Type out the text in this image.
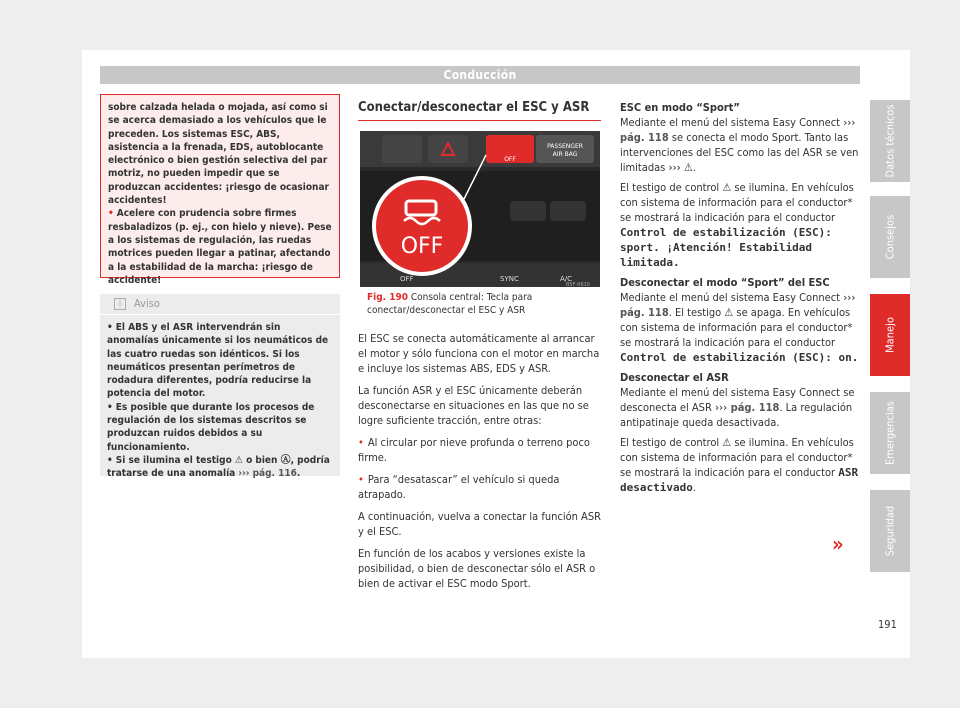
Conducción

sobre calzada helada o mojada, así como si se acerca demasiado a los vehículos que le preceden. Los sistemas ESC, ABS, asistencia a la frenada, EDS, autoblocante electrónico o bien gestión selectiva del par motriz, no pueden impedir que se produzcan accidentes: ¡riesgo de ocasionar accidentes!

• Acelere con prudencia sobre firmes resbaladizos (p. ej., con hielo y nieve). Pese a los sistemas de regulación, las ruedas motrices pueden llegar a patinar, afectando a la estabilidad de la marcha: ¡riesgo de accidente!

i Aviso

• El ABS y el ASR intervendrán sin anomalías únicamente si los neumáticos de las cuatro ruedas son idénticos. Si los neumáticos presentan perímetros de rodadura diferentes, podría reducirse la potencia del motor.

• Es posible que durante los procesos de regulación de los sistemas descritos se produzcan ruidos debidos a su funcionamiento.

• Si se ilumina el testigo ⚠ o bien Ⓐ, podría tratarse de una anomalía ››› pág. 116.

Conectar/desconectar el ESC y ASR
OFF
PASSENGER
AIR BAG
OFF	SYNC	A/C
B5F-0610
OFF
Fig. 190 Consola central: Tecla para conectar/desconectar el ESC y ASR

El ESC se conecta automáticamente al arrancar el motor y sólo funciona con el motor en marcha e incluye los sistemas ABS, EDS y ASR.

La función ASR y el ESC únicamente deberán desconectarse en situaciones en las que no se logre suficiente tracción, entre otras:

• Al circular por nieve profunda o terreno poco firme.

• Para “desatascar” el vehículo si queda atrapado.

A continuación, vuelva a conectar la función ASR y el ESC.

En función de los acabos y versiones existe la posibilidad, o bien de desconectar sólo el ASR o bien de activar el ESC modo Sport.

ESC en modo “Sport”

Mediante el menú del sistema Easy Connect ››› pág. 118 se conecta el modo Sport. Tanto las intervenciones del ESC como las del ASR se ven limitadas ››› ⚠.

El testigo de control ⚠ se ilumina. En vehículos con sistema de información para el conductor* se mostrará la indicación para el conductor Control de estabilización (ESC): sport. ¡Atención! Estabilidad limitada.

Desconectar el modo “Sport” del ESC

Mediante el menú del sistema Easy Connect ››› pág. 118. El testigo ⚠ se apaga. En vehículos con sistema de información para el conductor* se mostrará la indicación para el conductor Control de estabilización (ESC): on.

Desconectar el ASR

Mediante el menú del sistema Easy Connect se desconecta el ASR ››› pág. 118. La regulación antipatinaje queda desactivada.

El testigo de control ⚠ se ilumina. En vehículos con sistema de información para el conductor* se mostrará la indicación para el conductor ASR desactivado.

»
Datos técnicos
Consejos
Manejo
Emergencias
Seguridad
191
